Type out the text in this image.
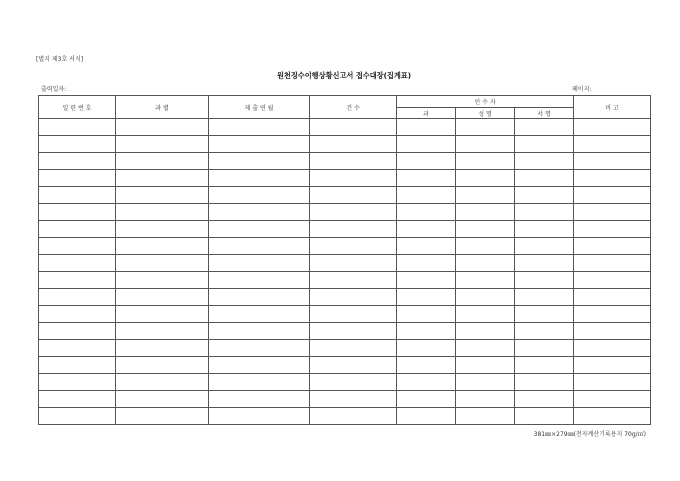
[별지 제3호 서식]
원천징수이행상황신고서 접수대장(집계표)
출력일자:	페이지:
일 련 번 호	과 별	제 출 연 월	건 수	인 수 자			비 고
				과	성 명	서 명	

381㎜×279㎜(전자계산기록용지 70g/㎡)
